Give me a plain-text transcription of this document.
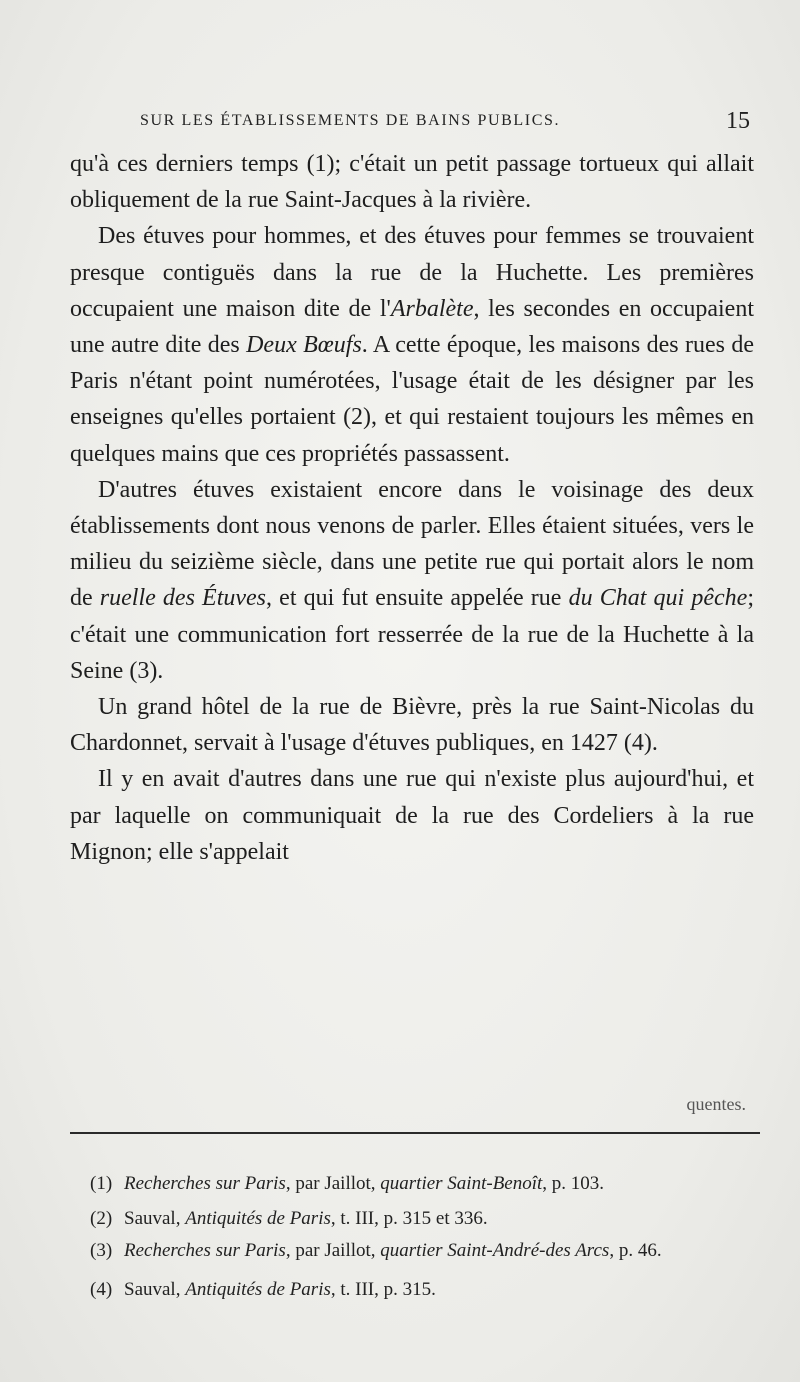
SUR LES ÉTABLISSEMENTS DE BAINS PUBLICS.	15

qu'à ces derniers temps (1); c'était un petit passage tortueux qui allait obliquement de la rue Saint-Jacques à la rivière.

Des étuves pour hommes, et des étuves pour femmes se trouvaient presque contiguës dans la rue de la Huchette. Les premières occupaient une maison dite de l'Arbalète, les secondes en occupaient une autre dite des Deux Bœufs. A cette époque, les maisons des rues de Paris n'étant point numérotées, l'usage était de les désigner par les enseignes qu'elles portaient (2), et qui restaient toujours les mêmes en quelques mains que ces propriétés passassent.

D'autres étuves existaient encore dans le voisinage des deux établissements dont nous venons de parler. Elles étaient situées, vers le milieu du seizième siècle, dans une petite rue qui portait alors le nom de ruelle des Étuves, et qui fut ensuite appelée rue du Chat qui pêche; c'était une communication fort resserrée de la rue de la Huchette à la Seine (3).

Un grand hôtel de la rue de Bièvre, près la rue Saint-Nicolas du Chardonnet, servait à l'usage d'étuves publiques, en 1427 (4).

Il y en avait d'autres dans une rue qui n'existe plus aujourd'hui, et par laquelle on communiquait de la rue des Cordeliers à la rue Mignon; elle s'appelait

quentes.

(1) Recherches sur Paris, par Jaillot, quartier Saint-Benoît, p. 103.

(2) Sauval, Antiquités de Paris, t. III, p. 315 et 336.

(3) Recherches sur Paris, par Jaillot, quartier Saint-André-des Arcs, p. 46.

(4) Sauval, Antiquités de Paris, t. III, p. 315.
